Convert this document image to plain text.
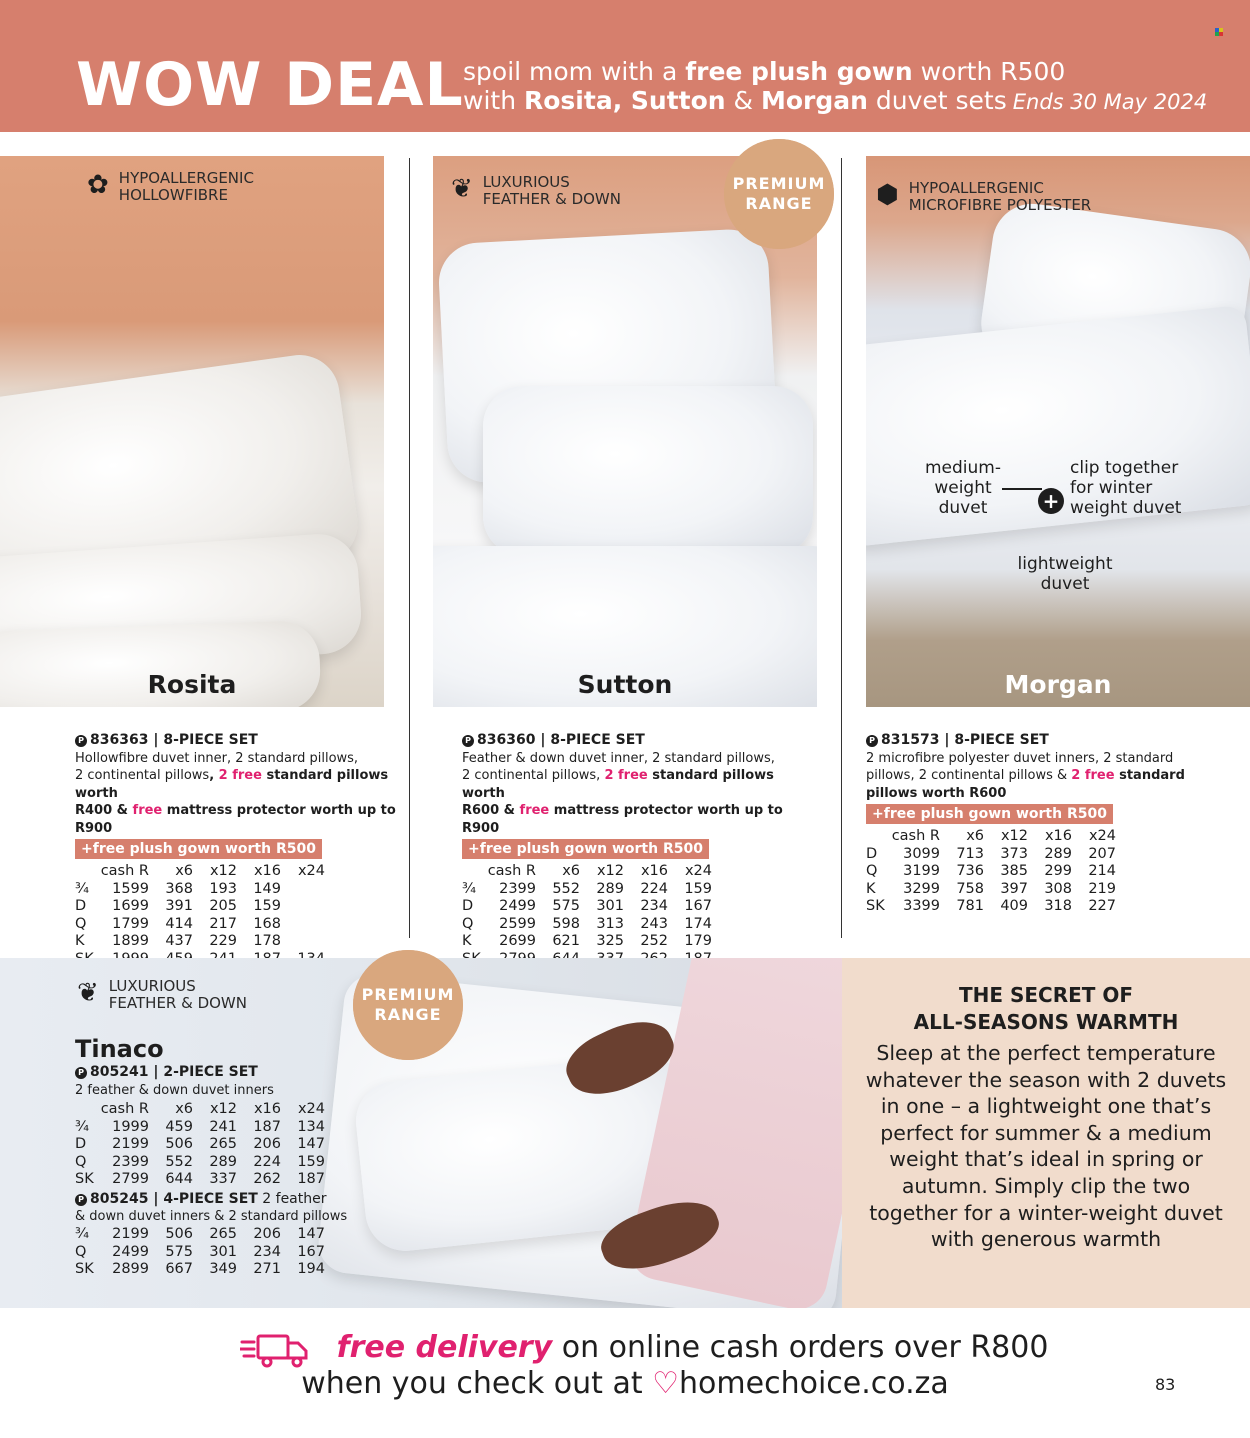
WOW DEAL spoil mom with a free plush gown worth R500
with Rosita, Sutton & Morgan duvet sets Ends 30 May 2024
✿ HYPOALLERGENIC
HOLLOWFIBRE
Rosita
❦ LUXURIOUS
FEATHER & DOWN
Sutton
PREMIUM
RANGE	⬢ HYPOALLERGENIC
MICROFIBRE POLYESTER
Morgan
medium-
weight
duvet	+
clip together
for winter
weight duvet
lightweight
duvet
P 836363 | 8-PIECE SET
Hollowfibre duvet inner, 2 standard pillows,
2 continental pillows, 2 free standard pillows worth
R400 & free mattress protector worth up to R900
+free plush gown worth R500
	cash R	x6	x12	x16	x24
¾	1599	368	193	149	
D	1699	391	205	159	
Q	1799	414	217	168	
K	1899	437	229	178	

P 836360 | 8-PIECE SET
Feather & down duvet inner, 2 standard pillows,
2 continental pillows, 2 free standard pillows worth
R600 & free mattress protector worth up to R900
+free plush gown worth R500
	cash R	x6	x12	x16	x24
¾	2399	552	289	224	159
D	2499	575	301	234	167
Q	2599	598	313	243	174
K	2699	621	325	252	179

P 831573 | 8-PIECE SET
2 microfibre polyester duvet inners, 2 standard
pillows, 2 continental pillows & 2 free standard
pillows worth R600
+free plush gown worth R500
	cash R	x6	x12	x16	x24
D	3099	713	373	289	207
Q	3199	736	385	299	214
K	3299	758	397	308	219
SK	3399	781	409	318	227
PREMIUM
RANGE
❦ LUXURIOUS
FEATHER & DOWN
Tinaco
P 805241 | 2-PIECE SET
2 feather & down duvet inners
	cash R	x6	x12	x16	x24
¾	1999	459	241	187	134
D	2199	506	265	206	147
Q	2399	552	289	224	159
SK	2799	644	337	262	187
P 805245 | 4-PIECE SET 2 feather
& down duvet inners & 2 standard pillows
¾	2199	506	265	206	147
Q	2499	575	301	234	167
SK	2899	667	349	271	194
THE SECRET OF
ALL-SEASONS WARMTH

Sleep at the perfect temperature whatever the season with 2 duvets in one – a lightweight one that’s perfect for summer & a medium weight that’s ideal in spring or autumn. Simply clip the two together for a winter-weight duvet with generous warmth

free delivery on online cash orders over R800
when you check out at ♡homechoice.co.za	83
